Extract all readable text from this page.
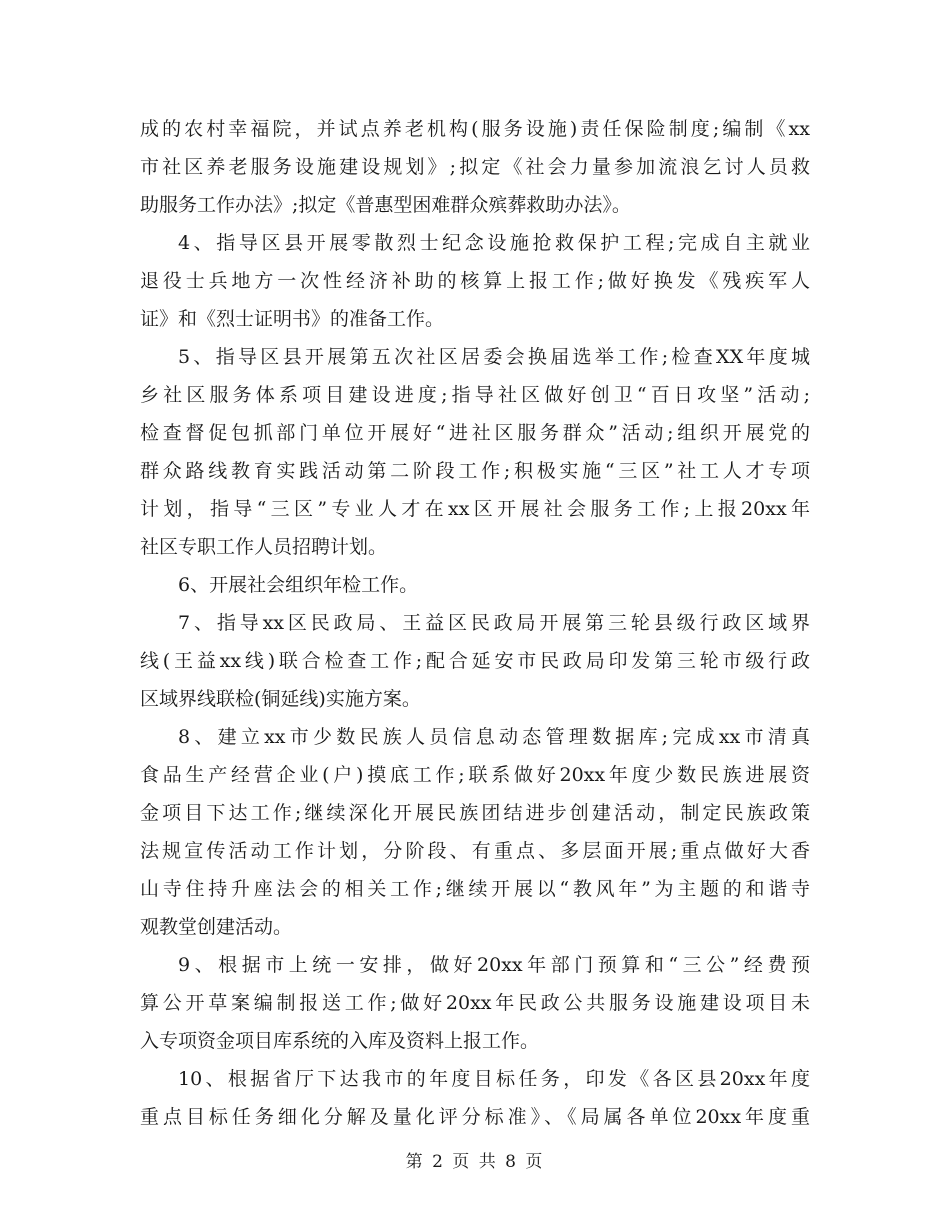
成的农村幸福院，并试点养老机构(服务设施)责任保险制度;编制《xx
市社区养老服务设施建设规划》;拟定《社会力量参加流浪乞讨人员救
助服务工作办法》;拟定《普惠型困难群众殡葬救助办法》。
4、指导区县开展零散烈士纪念设施抢救保护工程;完成自主就业
退役士兵地方一次性经济补助的核算上报工作;做好换发《残疾军人
证》和《烈士证明书》的准备工作。
5、指导区县开展第五次社区居委会换届选举工作;检查XX年度城
乡社区服务体系项目建设进度;指导社区做好创卫“百日攻坚”活动;
检查督促包抓部门单位开展好“进社区服务群众”活动;组织开展党的
群众路线教育实践活动第二阶段工作;积极实施“三区”社工人才专项
计划，指导“三区”专业人才在xx区开展社会服务工作;上报20xx年
社区专职工作人员招聘计划。
6、开展社会组织年检工作。
7、指导xx区民政局、王益区民政局开展第三轮县级行政区域界
线(王益xx线)联合检查工作;配合延安市民政局印发第三轮市级行政
区域界线联检(铜延线)实施方案。
8、建立xx市少数民族人员信息动态管理数据库;完成xx市清真
食品生产经营企业(户)摸底工作;联系做好20xx年度少数民族进展资
金项目下达工作;继续深化开展民族团结进步创建活动，制定民族政策
法规宣传活动工作计划，分阶段、有重点、多层面开展;重点做好大香
山寺住持升座法会的相关工作;继续开展以“教风年”为主题的和谐寺
观教堂创建活动。
9、根据市上统一安排，做好20xx年部门预算和“三公”经费预
算公开草案编制报送工作;做好20xx年民政公共服务设施建设项目未
入专项资金项目库系统的入库及资料上报工作。
10、根据省厅下达我市的年度目标任务，印发《各区县20xx年度
重点目标任务细化分解及量化评分标准》、《局属各单位20xx年度重
第 2 页 共 8 页
